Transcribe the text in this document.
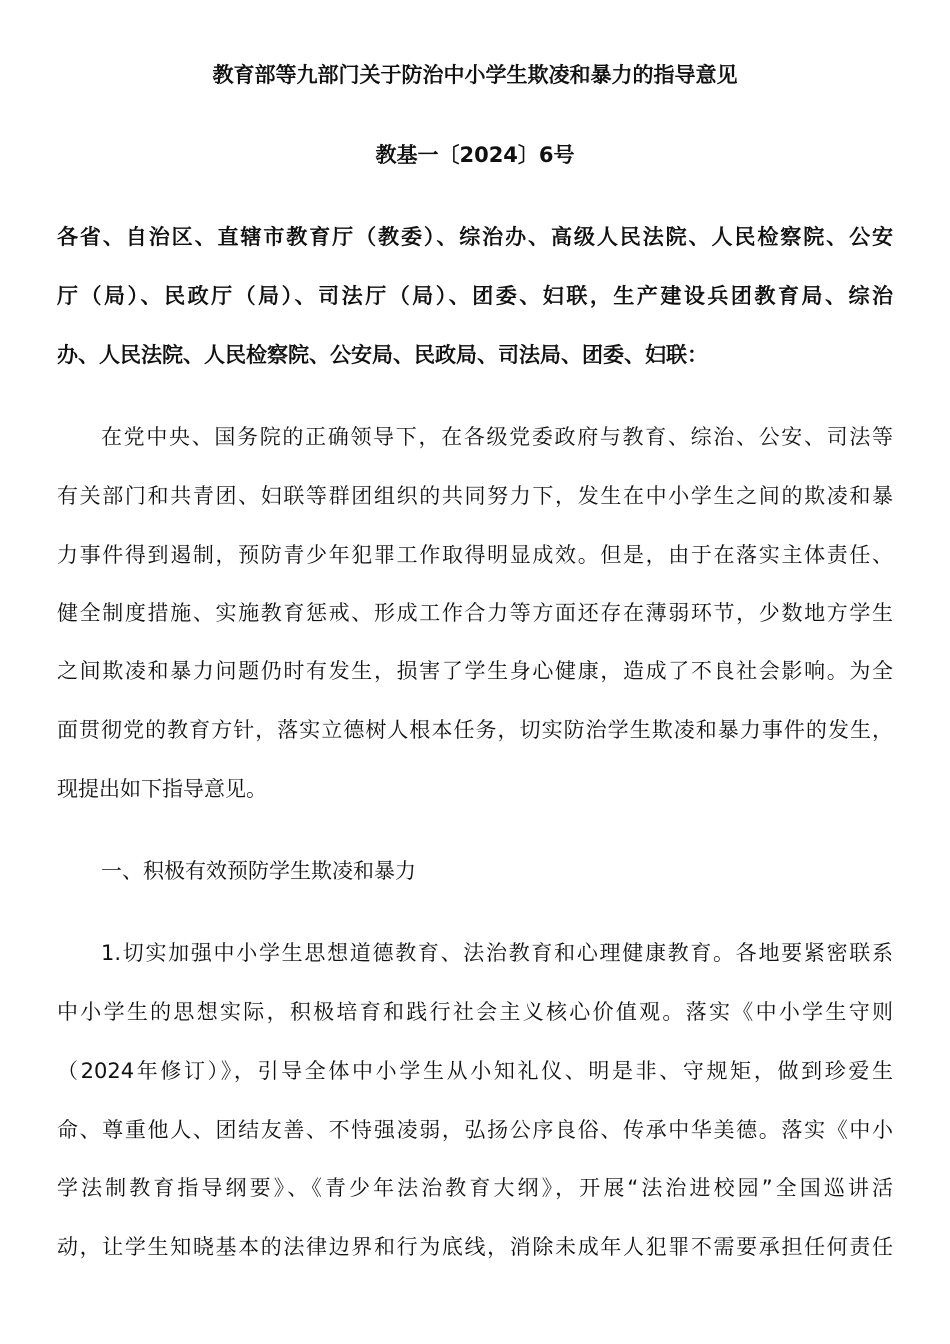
教育部等九部门关于防治中小学生欺凌和暴力的指导意见
教基一〔2024〕6号
各省、自治区、直辖市教育厅（教委）、综治办、高级人民法院、人民检察院、公安
厅（局）、民政厅（局）、司法厅（局）、团委、妇联，生产建设兵团教育局、综治
办、人民法院、人民检察院、公安局、民政局、司法局、团委、妇联：
在党中央、国务院的正确领导下，在各级党委政府与教育、综治、公安、司法等
有关部门和共青团、妇联等群团组织的共同努力下，发生在中小学生之间的欺凌和暴
力事件得到遏制，预防青少年犯罪工作取得明显成效。但是，由于在落实主体责任、
健全制度措施、实施教育惩戒、形成工作合力等方面还存在薄弱环节，少数地方学生
之间欺凌和暴力问题仍时有发生，损害了学生身心健康，造成了不良社会影响。为全
面贯彻党的教育方针，落实立德树人根本任务，切实防治学生欺凌和暴力事件的发生，
现提出如下指导意见。
一、积极有效预防学生欺凌和暴力
1.切实加强中小学生思想道德教育、法治教育和心理健康教育。各地要紧密联系
中小学生的思想实际，积极培育和践行社会主义核心价值观。落实《中小学生守则
（2024年修订）》，引导全体中小学生从小知礼仪、明是非、守规矩，做到珍爱生
命、尊重他人、团结友善、不恃强凌弱，弘扬公序良俗、传承中华美德。落实《中小
学法制教育指导纲要》、《青少年法治教育大纲》，开展“法治进校园”全国巡讲活
动，让学生知晓基本的法律边界和行为底线，消除未成年人犯罪不需要承担任何责任
